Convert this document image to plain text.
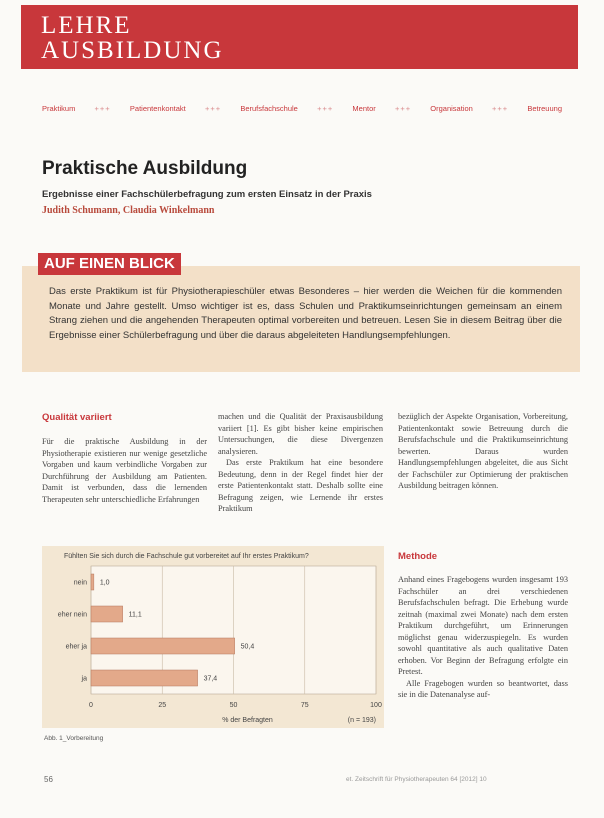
LEHRE
AUSBILDUNG
Praktikum	+++	Patientenkontakt	+++	Berufsfachschule	+++	Mentor	+++	Organisation	+++	Betreuung
Praktische Ausbildung
Ergebnisse einer Fachschülerbefragung zum ersten Einsatz in der Praxis
Judith Schumann, Claudia Winkelmann
AUF EINEN BLICK
Das erste Praktikum ist für Physiotherapieschüler etwas Besonderes – hier werden die Weichen für die kommenden Monate und Jahre gestellt. Umso wichtiger ist es, dass Schulen und Praktikumseinrichtungen gemeinsam an einem Strang ziehen und die angehenden Therapeuten optimal vorbereiten und betreuen. Lesen Sie in diesem Beitrag über die Ergebnisse einer Schülerbefragung und über die daraus abgeleiteten Handlungsempfehlungen.
Qualität variiert

Für die praktische Ausbildung in der Physiotherapie existieren nur wenige gesetzliche Vorgaben und kaum verbindliche Vorgaben zur Durchführung der Ausbildung am Patienten. Damit ist verbunden, dass die lernenden Therapeuten sehr unterschiedliche Erfahrungen

machen und die Qualität der Praxisausbildung variiert [1]. Es gibt bisher keine empirischen Untersuchungen, die diese Divergenzen analysieren.

Das erste Praktikum hat eine besondere Bedeutung, denn in der Regel findet hier der erste Patientenkontakt statt. Deshalb sollte eine Befragung zeigen, wie Lernende ihr erstes Praktikum

bezüglich der Aspekte Organisation, Vorbereitung, Patientenkontakt sowie Betreuung durch die Berufsfachschule und die Praktikumseinrichtung bewerten. Daraus wurden Handlungsempfehlungen abgeleitet, die aus Sicht der Fachschüler zur Optimierung der praktischen Ausbildung beitragen können.

Methode

Anhand eines Fragebogens wurden insgesamt 193 Fachschüler an drei verschiedenen Berufsfachschulen befragt. Die Erhebung wurde zeitnah (maximal zwei Monate) nach dem ersten Praktikum durchgeführt, um Erinnerungen möglichst genau widerzuspiegeln. Es wurden sowohl quantitative als auch qualitative Daten erhoben. Vor Beginn der Befragung erfolgte ein Pretest.

Alle Fragebogen wurden so beantwortet, dass sie in die Datenanalyse auf-

Fühlten Sie sich durch die Fachschule gut vorbereitet auf Ihr erstes Praktikum?
0	25	50	75	100
nein 1,0
eher nein	11,1
eher ja	50,4
ja	37,4
% der Befragten	(n = 193)
Abb. 1_Vorbereitung
56	et. Zeitschrift für Physiotherapeuten 64 [2012] 10
